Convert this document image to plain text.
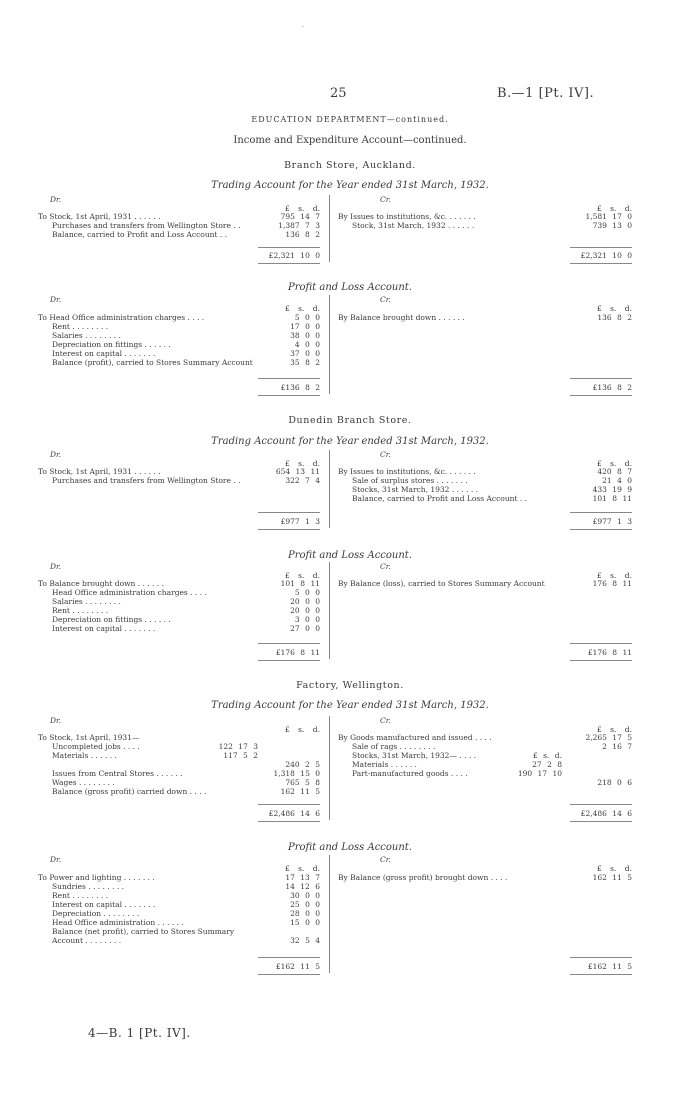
·
25	B.—1 [Pt. IV].
EDUCATION DEPARTMENT—continued.
Income and Expenditure Account—continued.
Branch Store, Auckland.
Trading Account for the Year ended 31st March, 1932.
Dr.	Cr.
£ s. d.	£ s. d.
To Stock, 1st April, 1931 . . . . . .	795 14 7
Purchases and transfers from Wellington Store . .	1,387 7 3
Balance, carried to Profit and Loss Account . .	136 8 2
By Issues to institutions, &c. . . . . . .	1,581 17 0
Stock, 31st March, 1932 . . . . . .	739 13 0
£2,321 10 0	£2,321 10 0
Profit and Loss Account.
Dr.	Cr.
£ s. d.	£ s. d.
To Head Office administration charges . . . .	5 0 0
Rent . . . . . . . .	17 0 0
Salaries . . . . . . . .	38 0 0
Depreciation on fittings . . . . . .	4 0 0
Interest on capital . . . . . . .	37 0 0
Balance (profit), carried to Stores Summary Account	35 8 2
By Balance brought down . . . . . .	136 8 2
£136 8 2	£136 8 2
Dunedin Branch Store.
Trading Account for the Year ended 31st March, 1932.
Dr.	Cr.
£ s. d.	£ s. d.
To Stock, 1st April, 1931 . . . . . .	654 13 11
Purchases and transfers from Wellington Store . .	322 7 4
By Issues to institutions, &c. . . . . . .	420 8 7
Sale of surplus stores . . . . . . .	21 4 0
Stocks, 31st March, 1932 . . . . . .	433 19 9
Balance, carried to Profit and Loss Account . .	101 8 11
£977 1 3	£977 1 3
Profit and Loss Account.
Dr.	Cr.
£ s. d.	£ s. d.
To Balance brought down . . . . . .	101 8 11
Head Office administration charges . . . .	5 0 0
Salaries . . . . . . . .	20 0 0
Rent . . . . . . . .	20 0 0
Depreciation on fittings . . . . . .	3 0 0
Interest on capital . . . . . . .	27 0 0
By Balance (loss), carried to Stores Summary Account	176 8 11
£176 8 11	£176 8 11
Factory, Wellington.
Trading Account for the Year ended 31st March, 1932.
Dr.	Cr.
£ s. d.	£ s. d.
To Stock, 1st April, 1931—
Uncompleted jobs . . . .	122 17 3
Materials . . . . . .	117 5 2
240 2 5
Issues from Central Stores . . . . . .	1,318 15 0
Wages . . . . . . . .	765 5 8
Balance (gross profit) carried down . . . .	162 11 5
By Goods manufactured and issued . . . .	2,265 17 5
Sale of rags . . . . . . . .	2 16 7
Stocks, 31st March, 1932— . . . .	£ s. d.
Materials . . . . . .	27 2 8
Part-manufactured goods . . . .	190 17 10
218 0 6
£2,486 14 6	£2,486 14 6
Profit and Loss Account.
Dr.	Cr.
£ s. d.	£ s. d.
To Power and lighting . . . . . . .	17 13 7
Sundries . . . . . . . .	14 12 6
Rent . . . . . . . .	30 0 0
Interest on capital . . . . . . .	25 0 0
Depreciation . . . . . . . .	28 0 0
Head Office administration . . . . . .	15 0 0
Balance (net profit), carried to Stores Summary
Account . . . . . . . .	32 5 4
By Balance (gross profit) brought down . . . .	162 11 5
£162 11 5	£162 11 5
4—B. 1 [Pt. IV].
